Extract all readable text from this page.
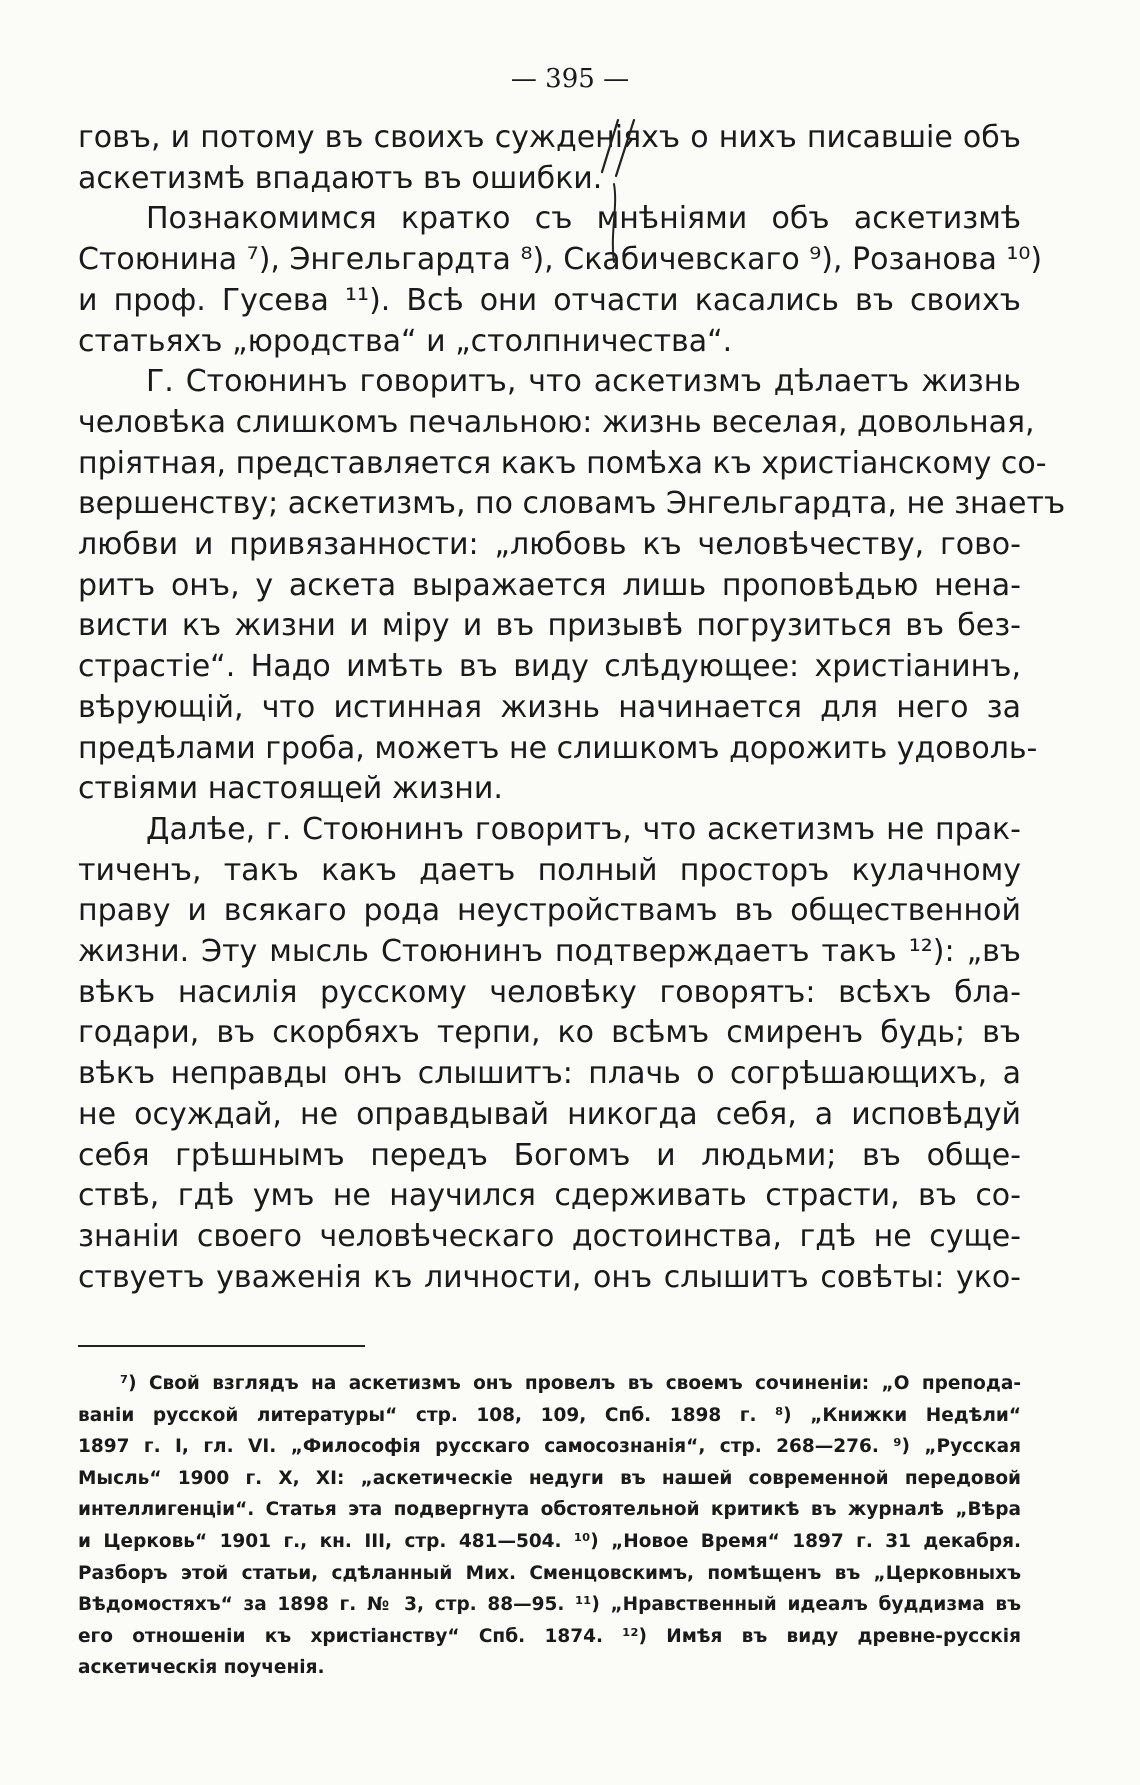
— 395 —
говъ, и потому въ своихъ сужденіяхъ о нихъ писавшіе объ
аскетизмѣ впадаютъ въ ошибки.
Познакомимся кратко съ мнѣніями объ аскетизмѣ
Стоюнина ⁷), Энгельгардта ⁸), Скабичевскаго ⁹), Розанова ¹⁰)
и проф. Гусева ¹¹). Всѣ они отчасти касались въ своихъ
статьяхъ „юродства“ и „столпничества“.
Г. Стоюнинъ говоритъ, что аскетизмъ дѣлаетъ жизнь
человѣка слишкомъ печальною: жизнь веселая, довольная,
пріятная, представляется какъ помѣха къ христіанскому со-
вершенству; аскетизмъ, по словамъ Энгельгардта, не знаетъ
любви и привязанности: „любовь къ человѣчеству, гово-
ритъ онъ, у аскета выражается лишь проповѣдью нена-
висти къ жизни и міру и въ призывѣ погрузиться въ без-
страстіе“. Надо имѣть въ виду слѣдующее: христіанинъ,
вѣрующій, что истинная жизнь начинается для него за
предѣлами гроба, можетъ не слишкомъ дорожить удоволь-
ствіями настоящей жизни.
Далѣе, г. Стоюнинъ говоритъ, что аскетизмъ не прак-
тиченъ, такъ какъ даетъ полный просторъ кулачному
праву и всякаго рода неустройствамъ въ общественной
жизни. Эту мысль Стоюнинъ подтверждаетъ такъ ¹²): „въ
вѣкъ насилія русскому человѣку говорятъ: всѣхъ бла-
годари, въ скорбяхъ терпи, ко всѣмъ смиренъ будь; въ
вѣкъ неправды онъ слышитъ: плачь о согрѣшающихъ, а
не осуждай, не оправдывай никогда себя, а исповѣдуй
себя грѣшнымъ передъ Богомъ и людьми; въ обще-
ствѣ, гдѣ умъ не научился сдерживать страсти, въ со-
знаніи своего человѣческаго достоинства, гдѣ не суще-
ствуетъ уваженія къ личности, онъ слышитъ совѣты: уко-
⁷) Свой взглядъ на аскетизмъ онъ провелъ въ своемъ сочиненіи: „О преподa-
ваніи русской литературы“ стр. 108, 109, Спб. 1898 г. ⁸) „Книжки Недѣли“
1897 г. I, гл. VI. „Философія русскаго самосознанія“, стр. 268—276. ⁹) „Русская
Мысль“ 1900 г. X, XI: „аскетическіе недуги въ нашей современной передовой
интеллигенціи“. Статья эта подвергнута обстоятельной критикѣ въ журналѣ „Вѣра
и Церковь“ 1901 г., кн. III, стр. 481—504. ¹⁰) „Новое Время“ 1897 г. 31 декабря.
Разборъ этой статьи, сдѣланный Мих. Сменцовскимъ, помѣщенъ въ „Церковныхъ
Вѣдомостяхъ“ за 1898 г. № 3, стр. 88—95. ¹¹) „Нравственный идеалъ буддизма въ
его отношеніи къ христіанству“ Спб. 1874. ¹²) Имѣя въ виду древне-русскія
аскетическія поученія.
